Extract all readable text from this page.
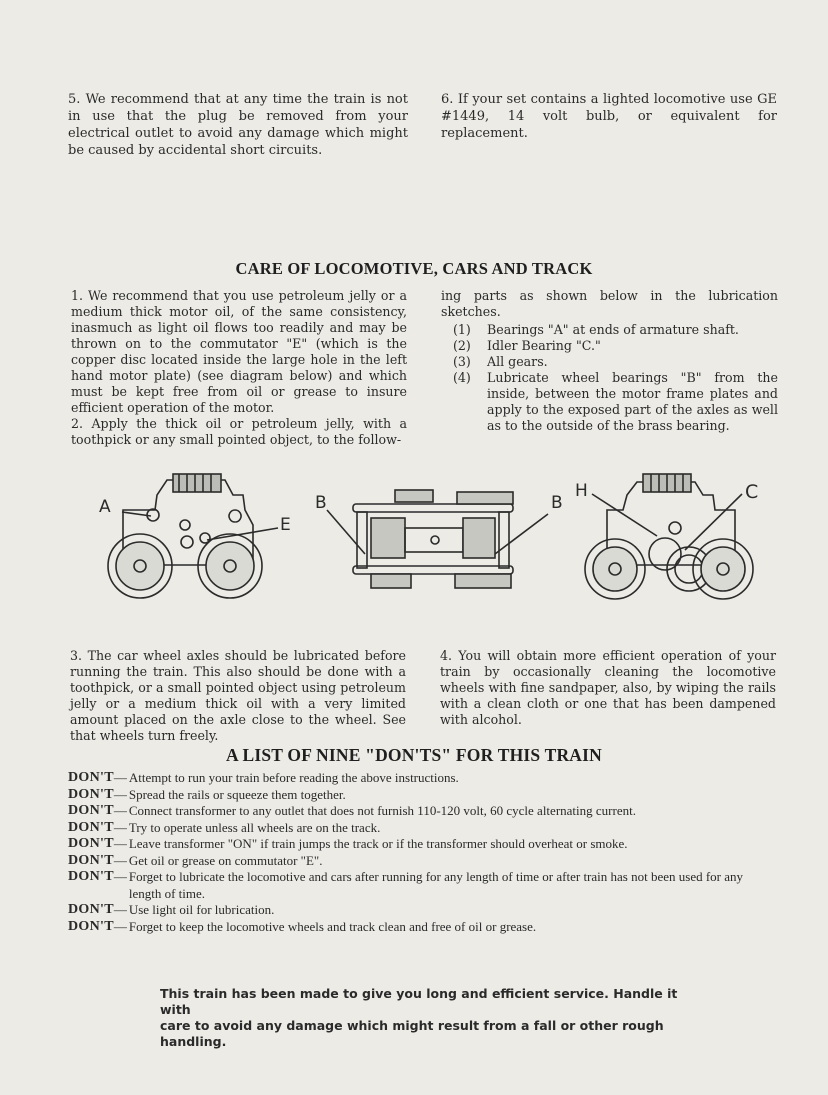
5. We recommend that at any time the train is not in use that the plug be removed from your electrical outlet to avoid any damage which might be caused by accidental short circuits.

6. If your set contains a lighted locomotive use GE #1449, 14 volt bulb, or equivalent for replacement.

CARE OF LOCOMOTIVE, CARS AND TRACK

1. We recommend that you use petroleum jelly or a medium thick motor oil, of the same consistency, inasmuch as light oil flows too readily and may be thrown on to the commutator "E" (which is the copper disc located inside the large hole in the left hand motor plate) (see diagram below) and which must be kept free from oil or grease to insure efficient operation of the motor.

2. Apply the thick oil or petroleum jelly, with a toothpick or any small pointed object, to the follow-

ing parts as shown below in the lubrication sketches.

(1)	Bearings "A" at ends of armature shaft.
(2)	Idler Bearing "C."
(3)	All gears.
(4)	Lubricate wheel bearings "B" from the inside, between the motor frame plates and apply to the exposed part of the axles as well as to the outside of the brass bearing.
A
E
B	B
H	C

3. The car wheel axles should be lubricated before running the train. This also should be done with a toothpick, or a small pointed object using petroleum jelly or a medium thick oil with a very limited amount placed on the axle close to the wheel. See that wheels turn freely.

4. You will obtain more efficient operation of your train by occasionally cleaning the locomotive wheels with fine sandpaper, also, by wiping the rails with a clean cloth or one that has been dampened with alcohol.

A LIST OF NINE "DON'TS" FOR THIS TRAIN
DON'T — Attempt to run your train before reading the above instructions.
DON'T — Spread the rails or squeeze them together.
DON'T — Connect transformer to any outlet that does not furnish 110-120 volt, 60 cycle alternating current.
DON'T — Try to operate unless all wheels are on the track.
DON'T — Leave transformer "ON" if train jumps the track or if the transformer should overheat or smoke.
DON'T — Get oil or grease on commutator "E".
DON'T — Forget to lubricate the locomotive and cars after running for any length of time or after train has not been used for any length of time.
DON'T — Use light oil for lubrication.
DON'T — Forget to keep the locomotive wheels and track clean and free of oil or grease.

This train has been made to give you long and efficient service. Handle it with

care to avoid any damage which might result from a fall or other rough handling.
